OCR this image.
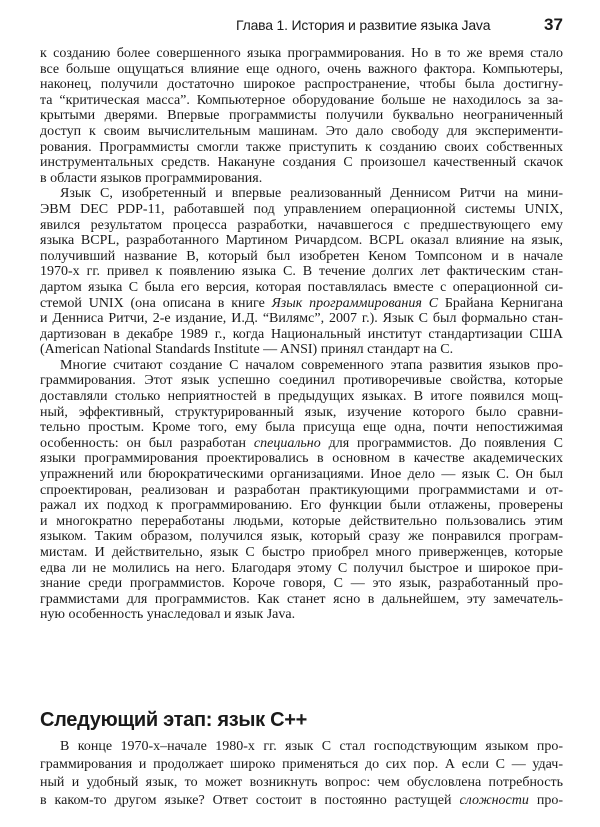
Глава 1. История и развитие языка Java	37
к созданию более совершенного языка программирования. Но в то же время стало
все больше ощущаться влияние еще одного, очень важного фактора. Компьютеры,
наконец, получили достаточно широкое распространение, чтобы была достигну-
та “критическая масса”. Компьютерное оборудование больше не находилось за за-
крытыми дверями. Впервые программисты получили буквально неограниченный
доступ к своим вычислительным машинам. Это дало свободу для эксперименти-
рования. Программисты смогли также приступить к созданию своих собственных
инструментальных средств. Накануне создания С произошел качественный скачок
в области языков программирования.
Язык С, изобретенный и впервые реализованный Деннисом Ритчи на мини-
ЭВМ DEC PDP-11, работавшей под управлением операционной системы UNIX,
явился результатом процесса разработки, начавшегося с предшествующего ему
языка BCPL, разработанного Мартином Ричардсом. BCPL оказал влияние на язык,
получивший название В, который был изобретен Кеном Томпсоном и в начале
1970-х гг. привел к появлению языка С. В течение долгих лет фактическим стан-
дартом языка С была его версия, которая поставлялась вместе с операционной си-
стемой UNIX (она описана в книге Язык программирования С Брайана Кернигана
и Денниса Ритчи, 2-е издание, И.Д. “Вилямс”, 2007 г.). Язык С был формально стан-
дартизован в декабре 1989 г., когда Национальный институт стандартизации США
(American National Standards Institute — ANSI) принял стандарт на С.
Многие считают создание С началом современного этапа развития языков про-
граммирования. Этот язык успешно соединил противоречивые свойства, которые
доставляли столько неприятностей в предыдущих языках. В итоге появился мощ-
ный, эффективный, структурированный язык, изучение которого было сравни-
тельно простым. Кроме того, ему была присуща еще одна, почти непостижимая
особенность: он был разработан специально для программистов. До появления С
языки программирования проектировались в основном в качестве академических
упражнений или бюрократическими организациями. Иное дело — язык С. Он был
спроектирован, реализован и разработан практикующими программистами и от-
ражал их подход к программированию. Его функции были отлажены, проверены
и многократно переработаны людьми, которые действительно пользовались этим
языком. Таким образом, получился язык, который сразу же понравился програм-
мистам. И действительно, язык С быстро приобрел много приверженцев, которые
едва ли не молились на него. Благодаря этому С получил быстрое и широкое при-
знание среди программистов. Короче говоря, С — это язык, разработанный про-
граммистами для программистов. Как станет ясно в дальнейшем, эту замечатель-
ную особенность унаследовал и язык Java.
Следующий этап: язык С++
В конце 1970-х–начале 1980-х гг. язык С стал господствующим языком про-
граммирования и продолжает широко применяться до сих пор. А если С — удач-
ный и удобный язык, то может возникнуть вопрос: чем обусловлена потребность
в каком-то другом языке? Ответ состоит в постоянно растущей сложности про-
